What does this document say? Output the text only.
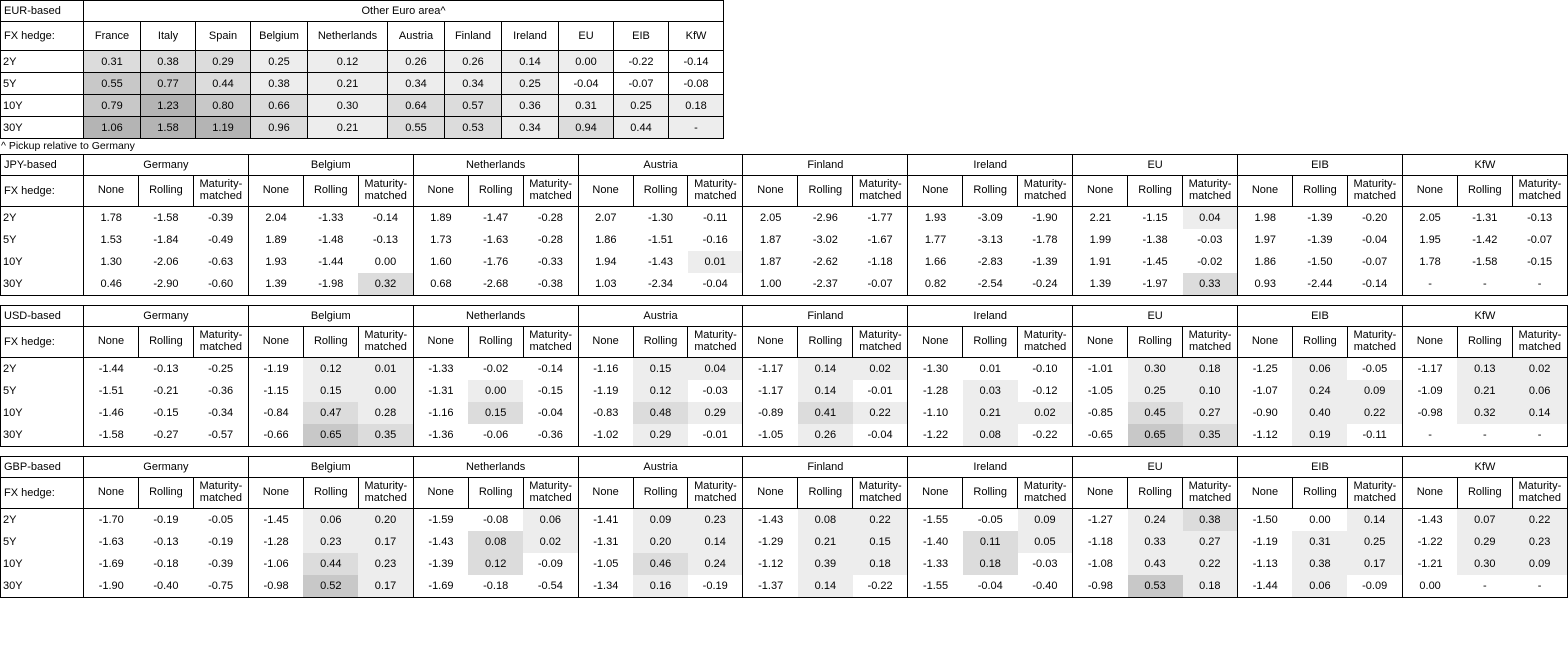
EUR-based	Other Euro area^										
FX hedge:	France	Italy	Spain	Belgium	Netherlands	Austria	Finland	Ireland	EU	EIB	KfW
2Y	0.31	0.38	0.29	0.25	0.12	0.26	0.26	0.14	0.00	-0.22	-0.14
5Y	0.55	0.77	0.44	0.38	0.21	0.34	0.34	0.25	-0.04	-0.07	-0.08
10Y	0.79	1.23	0.80	0.66	0.30	0.64	0.57	0.36	0.31	0.25	0.18
30Y	1.06	1.58	1.19	0.96	0.21	0.55	0.53	0.34	0.94	0.44	-
^ Pickup relative to Germany
JPY-based	Germany			Belgium			Netherlands			Austria			Finland			Ireland			EU			EIB			KfW		
FX hedge:	None	Rolling	Maturity-matched	None	Rolling	Maturity-matched	None	Rolling	Maturity-matched	None	Rolling	Maturity-matched	None	Rolling	Maturity-matched	None	Rolling	Maturity-matched	None	Rolling	Maturity-matched	None	Rolling	Maturity-matched	None	Rolling	Maturity-matched
2Y	1.78	-1.58	-0.39	2.04	-1.33	-0.14	1.89	-1.47	-0.28	2.07	-1.30	-0.11	2.05	-2.96	-1.77	1.93	-3.09	-1.90	2.21	-1.15	0.04	1.98	-1.39	-0.20	2.05	-1.31	-0.13
5Y	1.53	-1.84	-0.49	1.89	-1.48	-0.13	1.73	-1.63	-0.28	1.86	-1.51	-0.16	1.87	-3.02	-1.67	1.77	-3.13	-1.78	1.99	-1.38	-0.03	1.97	-1.39	-0.04	1.95	-1.42	-0.07
10Y	1.30	-2.06	-0.63	1.93	-1.44	0.00	1.60	-1.76	-0.33	1.94	-1.43	0.01	1.87	-2.62	-1.18	1.66	-2.83	-1.39	1.91	-1.45	-0.02	1.86	-1.50	-0.07	1.78	-1.58	-0.15
30Y	0.46	-2.90	-0.60	1.39	-1.98	0.32	0.68	-2.68	-0.38	1.03	-2.34	-0.04	1.00	-2.37	-0.07	0.82	-2.54	-0.24	1.39	-1.97	0.33	0.93	-2.44	-0.14	-	-	-
USD-based	Germany			Belgium			Netherlands			Austria			Finland			Ireland			EU			EIB			KfW		
FX hedge:	None	Rolling	Maturity-matched	None	Rolling	Maturity-matched	None	Rolling	Maturity-matched	None	Rolling	Maturity-matched	None	Rolling	Maturity-matched	None	Rolling	Maturity-matched	None	Rolling	Maturity-matched	None	Rolling	Maturity-matched	None	Rolling	Maturity-matched
2Y	-1.44	-0.13	-0.25	-1.19	0.12	0.01	-1.33	-0.02	-0.14	-1.16	0.15	0.04	-1.17	0.14	0.02	-1.30	0.01	-0.10	-1.01	0.30	0.18	-1.25	0.06	-0.05	-1.17	0.13	0.02
5Y	-1.51	-0.21	-0.36	-1.15	0.15	0.00	-1.31	0.00	-0.15	-1.19	0.12	-0.03	-1.17	0.14	-0.01	-1.28	0.03	-0.12	-1.05	0.25	0.10	-1.07	0.24	0.09	-1.09	0.21	0.06
10Y	-1.46	-0.15	-0.34	-0.84	0.47	0.28	-1.16	0.15	-0.04	-0.83	0.48	0.29	-0.89	0.41	0.22	-1.10	0.21	0.02	-0.85	0.45	0.27	-0.90	0.40	0.22	-0.98	0.32	0.14
30Y	-1.58	-0.27	-0.57	-0.66	0.65	0.35	-1.36	-0.06	-0.36	-1.02	0.29	-0.01	-1.05	0.26	-0.04	-1.22	0.08	-0.22	-0.65	0.65	0.35	-1.12	0.19	-0.11	-	-	-
GBP-based	Germany			Belgium			Netherlands			Austria			Finland			Ireland			EU			EIB			KfW		
FX hedge:	None	Rolling	Maturity-matched	None	Rolling	Maturity-matched	None	Rolling	Maturity-matched	None	Rolling	Maturity-matched	None	Rolling	Maturity-matched	None	Rolling	Maturity-matched	None	Rolling	Maturity-matched	None	Rolling	Maturity-matched	None	Rolling	Maturity-matched
2Y	-1.70	-0.19	-0.05	-1.45	0.06	0.20	-1.59	-0.08	0.06	-1.41	0.09	0.23	-1.43	0.08	0.22	-1.55	-0.05	0.09	-1.27	0.24	0.38	-1.50	0.00	0.14	-1.43	0.07	0.22
5Y	-1.63	-0.13	-0.19	-1.28	0.23	0.17	-1.43	0.08	0.02	-1.31	0.20	0.14	-1.29	0.21	0.15	-1.40	0.11	0.05	-1.18	0.33	0.27	-1.19	0.31	0.25	-1.22	0.29	0.23
10Y	-1.69	-0.18	-0.39	-1.06	0.44	0.23	-1.39	0.12	-0.09	-1.05	0.46	0.24	-1.12	0.39	0.18	-1.33	0.18	-0.03	-1.08	0.43	0.22	-1.13	0.38	0.17	-1.21	0.30	0.09
30Y	-1.90	-0.40	-0.75	-0.98	0.52	0.17	-1.69	-0.18	-0.54	-1.34	0.16	-0.19	-1.37	0.14	-0.22	-1.55	-0.04	-0.40	-0.98	0.53	0.18	-1.44	0.06	-0.09	0.00	-	-
